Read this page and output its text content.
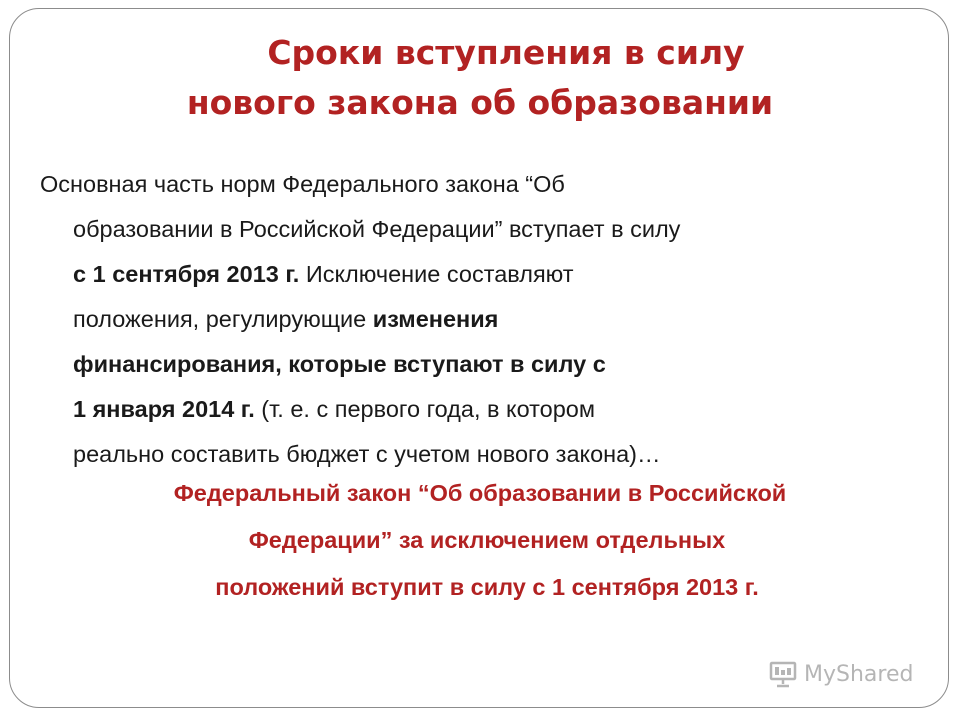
Сроки вступления в силу
нового закона об образовании

Основная часть норм Федерального закона “Об
образовании в Российской Федерации” вступает в силу
с 1 сентября 2013 г. Исключение составляют
положения, регулирующие изменения
финансирования, которые вступают в силу с
1 января 2014 г. (т. е. с первого года, в котором
реально составить бюджет с учетом нового закона)…

Федеральный закон “Об образовании в Российской
Федерации” за исключением отдельных
положений вступит в силу с 1 сентября 2013 г.

MyShared
